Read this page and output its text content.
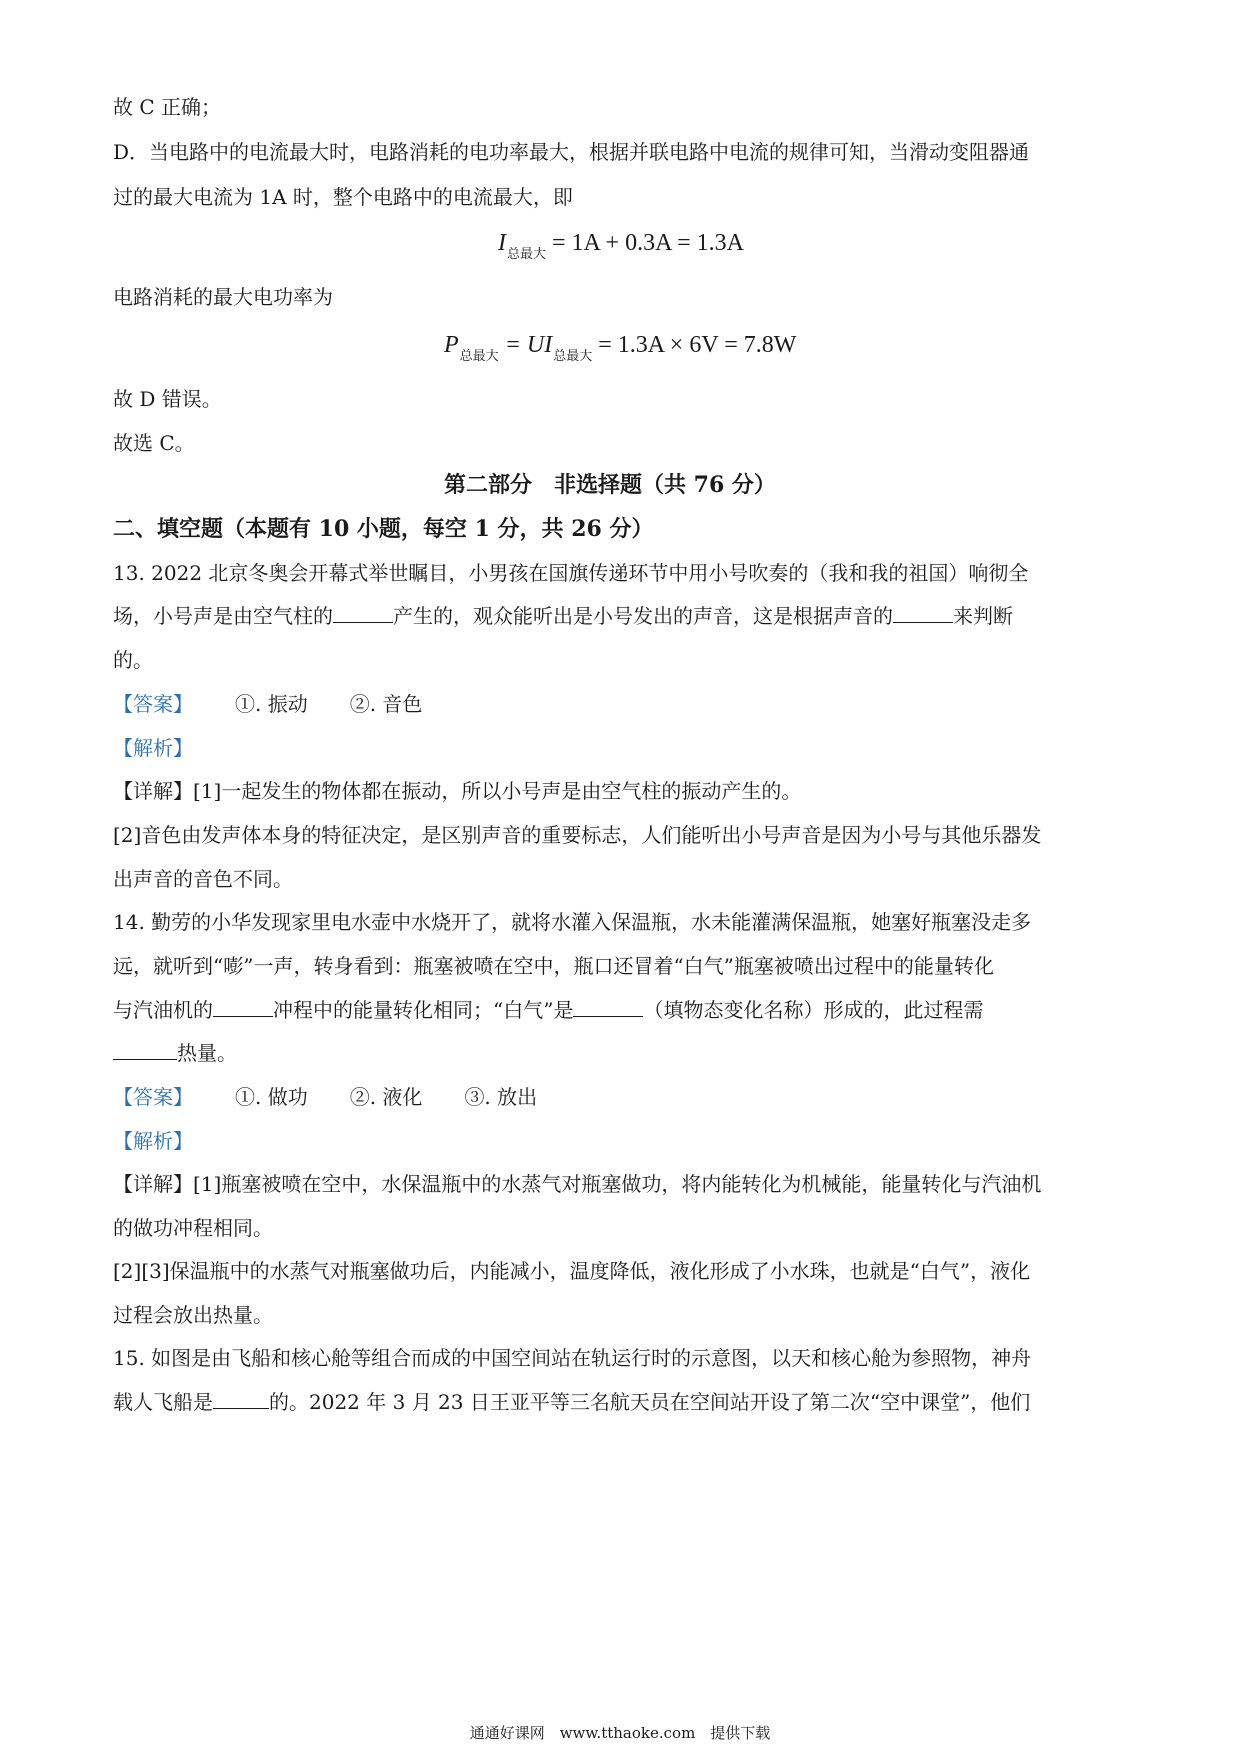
故 C 正确；
D．当电路中的电流最大时，电路消耗的电功率最大，根据并联电路中电流的规律可知，当滑动变阻器通
过的最大电流为 1A 时，整个电路中的电流最大，即
$I_{总最大} = 1A + 0.3A = 1.3A$
电路消耗的最大电功率为
$P_{总最大} = UI_{总最大} = 1.3A \times 6V = 7.8W$
故 D 错误。
故选 C。
第二部分　非选择题（共 76 分）
二、填空题（本题有 10 小题，每空 1 分，共 26 分）
13. 2022 北京冬奥会开幕式举世瞩目，小男孩在国旗传递环节中用小号吹奏的（我和我的祖国）响彻全
场，小号声是由空气柱的	产生的，观众能听出是小号发出的声音，这是根据声音的	来判断
的。
【答案】 ①. 振动 ②. 音色
【解析】
【详解】[1]一起发生的物体都在振动，所以小号声是由空气柱的振动产生的。
[2]音色由发声体本身的特征决定，是区别声音的重要标志，人们能听出小号声音是因为小号与其他乐器发
出声音的音色不同。
14. 勤劳的小华发现家里电水壶中水烧开了，就将水灌入保温瓶，水未能灌满保温瓶，她塞好瓶塞没走多
远，就听到“嘭”一声，转身看到：瓶塞被喷在空中，瓶口还冒着“白气”瓶塞被喷出过程中的能量转化
与汽油机的	冲程中的能量转化相同；“白气”是	（填物态变化名称）形成的，此过程需
热量。
【答案】 ①. 做功 ②. 液化 ③. 放出
【解析】
【详解】[1]瓶塞被喷在空中，水保温瓶中的水蒸气对瓶塞做功，将内能转化为机械能，能量转化与汽油机
的做功冲程相同。
[2][3]保温瓶中的水蒸气对瓶塞做功后，内能减小，温度降低，液化形成了小水珠，也就是“白气”，液化
过程会放出热量。
15. 如图是由飞船和核心舱等组合而成的中国空间站在轨运行时的示意图，以天和核心舱为参照物，神舟
载人飞船是	的。2022 年 3 月 23 日王亚平等三名航天员在空间站开设了第二次“空中课堂”，他们
通通好课网　www.tthaoke.com　提供下载
